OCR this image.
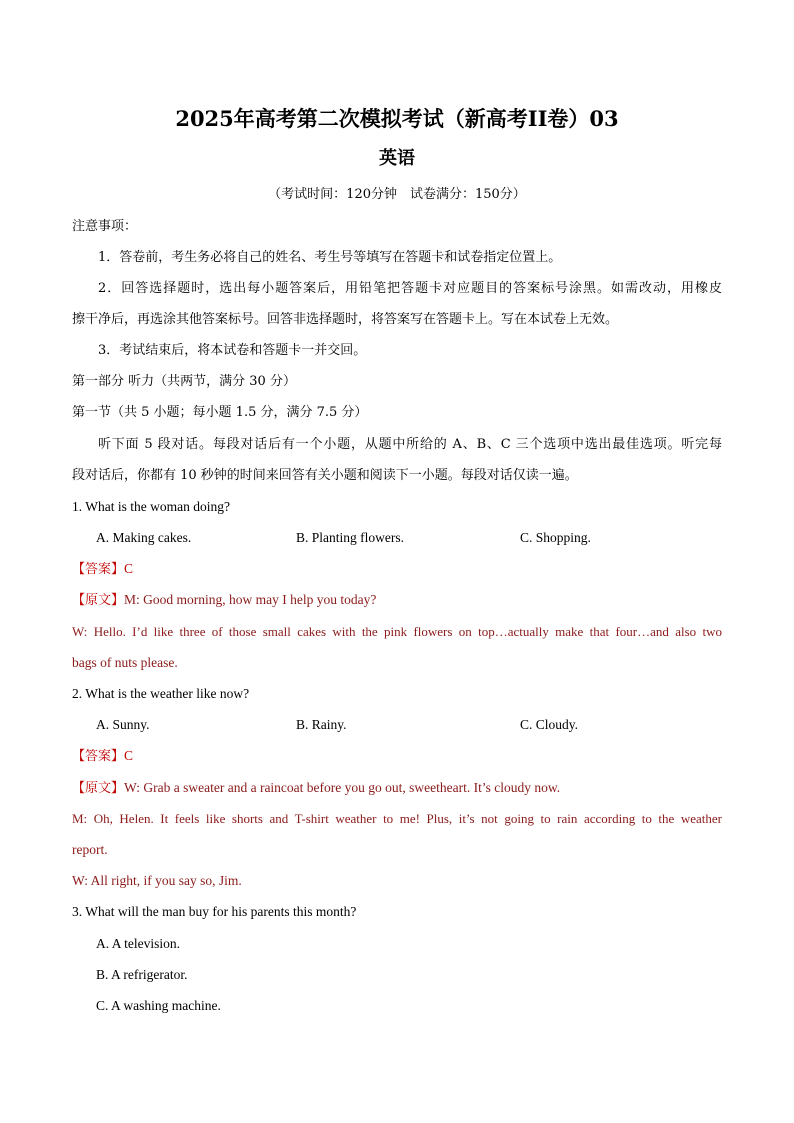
2025年高考第二次模拟考试（新高考II卷）03
英语
（考试时间：120分钟　试卷满分：150分）
注意事项：
1．答卷前，考生务必将自己的姓名、考生号等填写在答题卡和试卷指定位置上。
2．回答选择题时，选出每小题答案后，用铅笔把答题卡对应题目的答案标号涂黑。如需改动，用橡皮
擦干净后，再选涂其他答案标号。回答非选择题时，将答案写在答题卡上。写在本试卷上无效。
3．考试结束后，将本试卷和答题卡一并交回。
第一部分 听力（共两节，满分 30 分）
第一节（共 5 小题；每小题 1.5 分，满分 7.5 分）
听下面 5 段对话。每段对话后有一个小题，从题中所给的 A、B、C 三个选项中选出最佳选项。听完每
段对话后，你都有 10 秒钟的时间来回答有关小题和阅读下一小题。每段对话仅读一遍。
1. What is the woman doing?
A. Making cakes.	B. Planting flowers.	C. Shopping.
【答案】C
【原文】M: Good morning, how may I help you today?
W: Hello. I’d like three of those small cakes with the pink flowers on top…actually make that four…and also two
bags of nuts please.
2. What is the weather like now?
A. Sunny.	B. Rainy.	C. Cloudy.
【答案】C
【原文】W: Grab a sweater and a raincoat before you go out, sweetheart. It’s cloudy now.
M: Oh, Helen. It feels like shorts and T-shirt weather to me! Plus, it’s not going to rain according to the weather
report.
W: All right, if you say so, Jim.
3. What will the man buy for his parents this month?
A. A television.
B. A refrigerator.
C. A washing machine.
